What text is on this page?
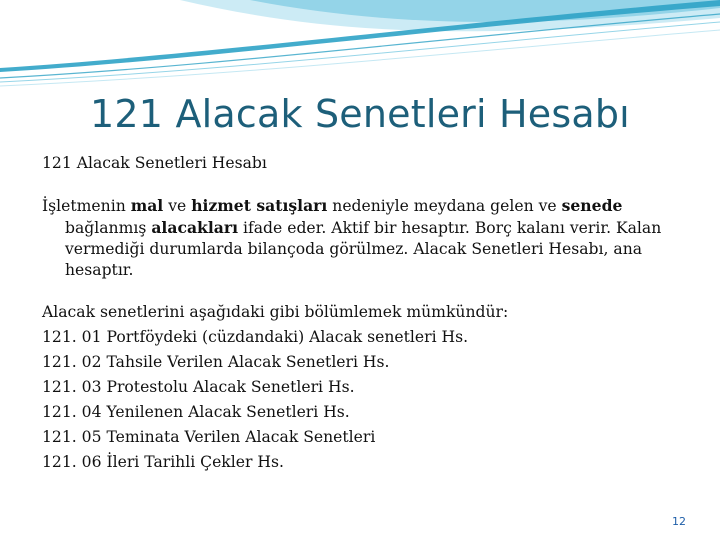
121 Alacak Senetleri Hesabı

121 Alacak Senetleri Hesabı

İşletmenin mal ve hizmet satışları nedeniyle meydana gelen ve senede bağlanmış alacakları ifade eder. Aktif bir hesaptır. Borç kalanı verir. Kalan vermediği durumlarda bilançoda görülmez. Alacak Senetleri Hesabı, ana hesaptır.

Alacak senetlerini aşağıdaki gibi bölümlemek mümkündür:
121. 01 Portföydeki (cüzdandaki) Alacak senetleri Hs.
121. 02 Tahsile Verilen Alacak Senetleri Hs.
121. 03 Protestolu Alacak Senetleri Hs.
121. 04 Yenilenen Alacak Senetleri Hs.
121. 05 Teminata Verilen Alacak Senetleri
121. 06 İleri Tarihli Çekler Hs.
12
